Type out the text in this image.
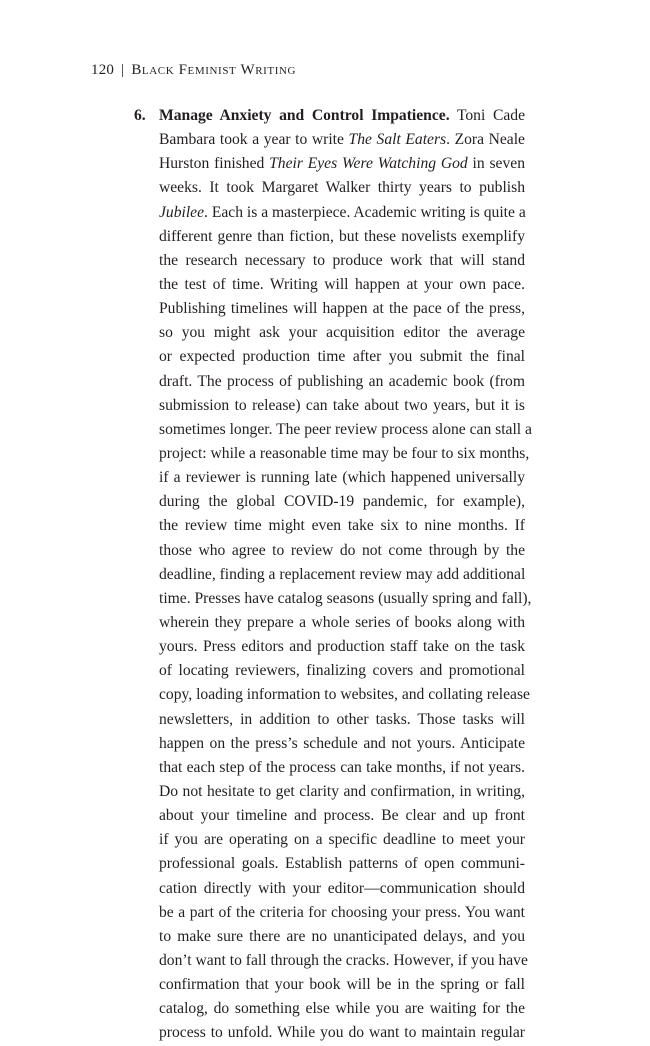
120 | Black Feminist Writing
6. Manage Anxiety and Control Impatience. Toni Cade
Bambara took a year to write The Salt Eaters. Zora Neale
Hurston finished Their Eyes Were Watching God in seven
weeks. It took Margaret Walker thirty years to publish
Jubilee. Each is a masterpiece. Academic writing is quite a
different genre than fiction, but these novelists exemplify
the research necessary to produce work that will stand
the test of time. Writing will happen at your own pace.
Publishing timelines will happen at the pace of the press,
so you might ask your acquisition editor the average
or expected production time after you submit the final
draft. The process of publishing an academic book (from
submission to release) can take about two years, but it is
sometimes longer. The peer review process alone can stall a
project: while a reasonable time may be four to six months,
if a reviewer is running late (which happened universally
during the global COVID-19 pandemic, for example),
the review time might even take six to nine months. If
those who agree to review do not come through by the
deadline, finding a replacement review may add additional
time. Presses have catalog seasons (usually spring and fall),
wherein they prepare a whole series of books along with
yours. Press editors and production staff take on the task
of locating reviewers, finalizing covers and promotional
copy, loading information to websites, and collating release
newsletters, in addition to other tasks. Those tasks will
happen on the press’s schedule and not yours. Anticipate
that each step of the process can take months, if not years.
Do not hesitate to get clarity and confirmation, in writing,
about your timeline and process. Be clear and up front
if you are operating on a specific deadline to meet your
professional goals. Establish patterns of open communi-
cation directly with your editor—communication should
be a part of the criteria for choosing your press. You want
to make sure there are no unanticipated delays, and you
don’t want to fall through the cracks. However, if you have
confirmation that your book will be in the spring or fall
catalog, do something else while you are waiting for the
process to unfold. While you do want to maintain regular
